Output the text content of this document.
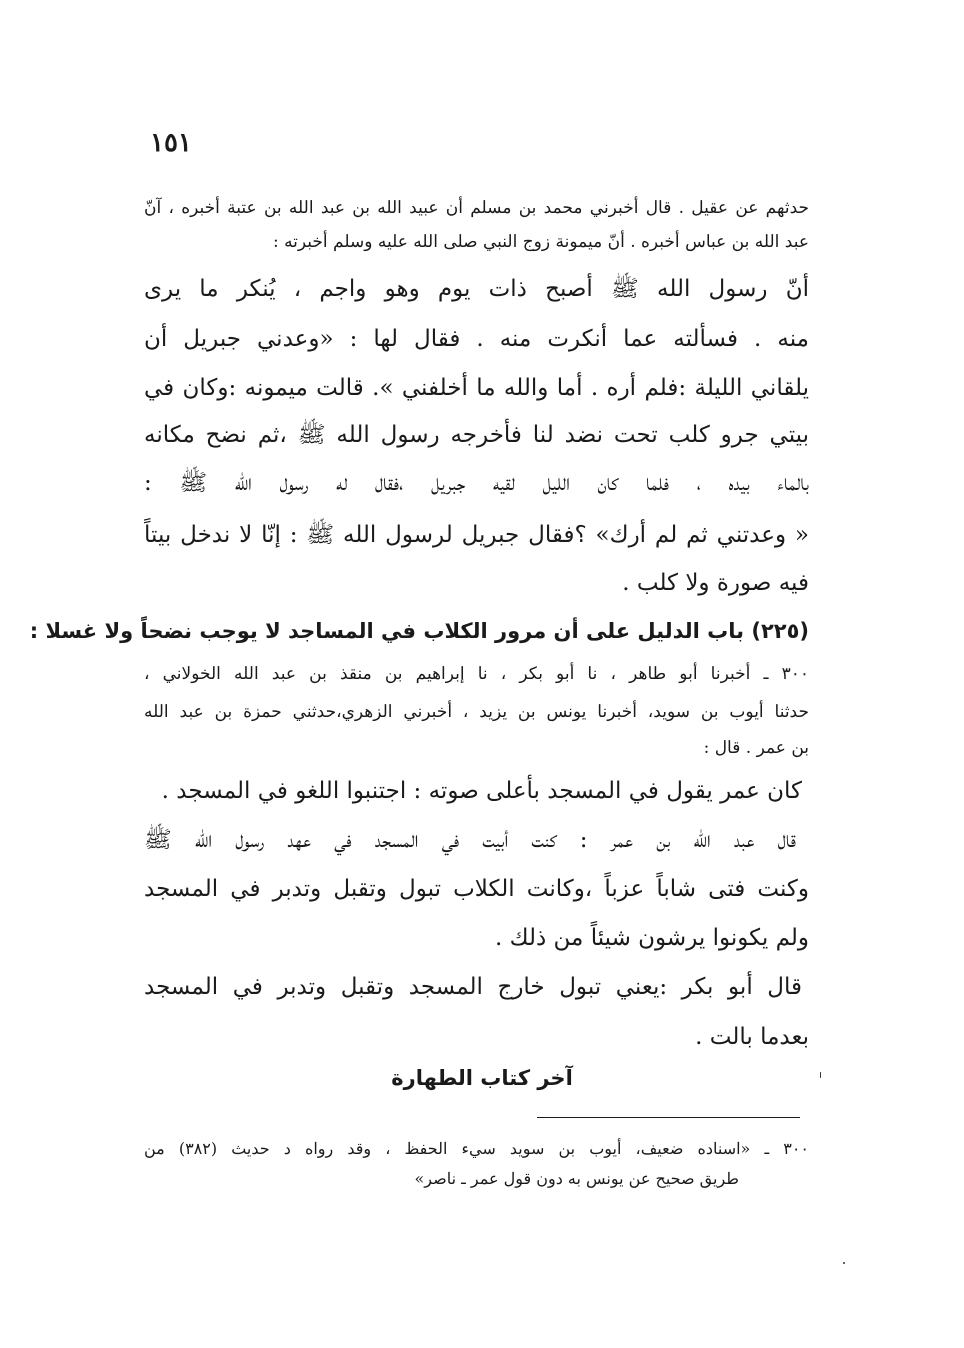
١٥١
حدثهم عن عقيل . قال أخبرني محمد بن مسلم أن عبيد الله بن عبد الله بن عتبة أخبره ، آنّ
عبد الله بن عباس أخبره . أنّ ميمونة زوج النبي صلى الله عليه وسلم أخبرته :
أنّ رسول الله ﷺ أصبح ذات يوم وهو واجم ، يُنكر ما يرى
منه . فسألته عما أنكرت منه . فقال لها : «وعدني جبريل أن
يلقاني الليلة :فلم أره . أما والله ما أخلفني ». قالت ميمونه :وكان في
بيتي جرو كلب تحت نضد لنا فأخرجه رسول الله ﷺ ،ثم نضح مكانه
بالماء بيده ، فلما كان الليل لقيه جبريل ،فقال له رسول الله ﷺ :
« وعدتني ثم لم أرك» ؟فقال جبريل لرسول الله ﷺ : إنّا لا ندخل بيتاً
فيه صورة ولا كلب .
(٢٢٥) باب الدليل على أن مرور الكلاب في المساجد لا يوجب نضحاً ولا غسلا :
٣٠٠ ـ أخبرنا أبو طاهر ، نا أبو بكر ، نا إبراهيم بن منقذ بن عبد الله الخولاني ،
حدثنا أيوب بن سويد، أخبرنا يونس بن يزيد ، أخبرني الزهري،حدثني حمزة بن عبد الله
بن عمر . قال :
كان عمر يقول في المسجد بأعلى صوته : اجتنبوا اللغو في المسجد .
قال عبد الله بن عمر : كنت أبيت في المسجد في عهد رسول الله ﷺ
وكنت فتى شاباً عزباً ،وكانت الكلاب تبول وتقبل وتدبر في المسجد
ولم يكونوا يرشون شيئاً من ذلك .
قال أبو بكر :يعني تبول خارج المسجد وتقبل وتدبر في المسجد
بعدما بالت .
آخر كتاب الطهارة
٣٠٠ ـ «اسناده ضعيف، أيوب بن سويد سيء الحفظ ، وقد رواه د حديث (٣٨٢) من
طريق صحيح عن يونس به دون قول عمر ـ ناصر»
